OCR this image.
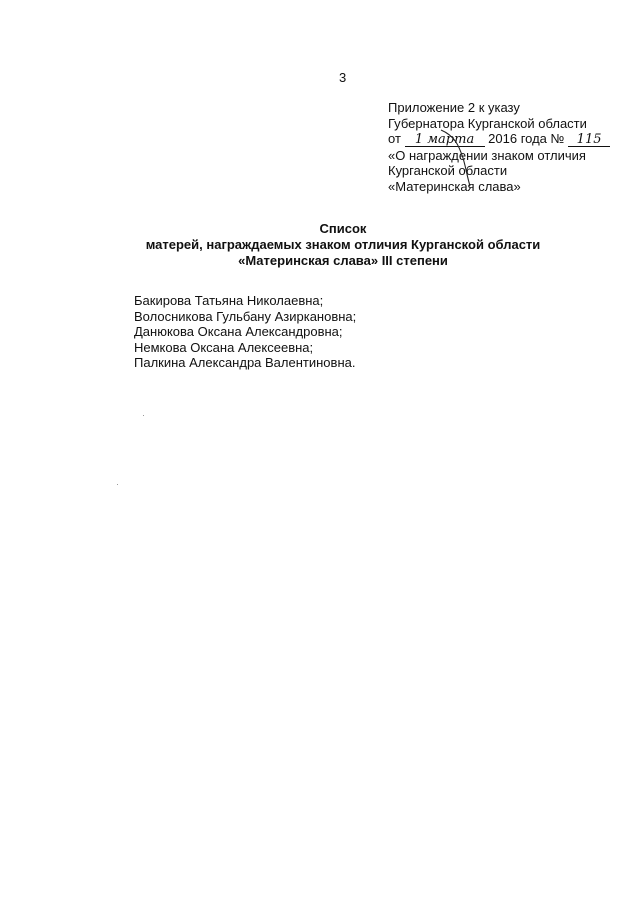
3
Приложение 2 к указу
Губернатора Курганской области
от 1 марта 2016 года № 115
«О награждении знаком отличия
Курганской области
«Материнская слава»
Список
матерей, награждаемых знаком отличия Курганской области
«Материнская слава» III степени
Бакирова Татьяна Николаевна;
Волосникова Гульбану Азиркановна;
Данюкова Оксана Александровна;
Немкова Оксана Алексеевна;
Палкина Александра Валентиновна.
